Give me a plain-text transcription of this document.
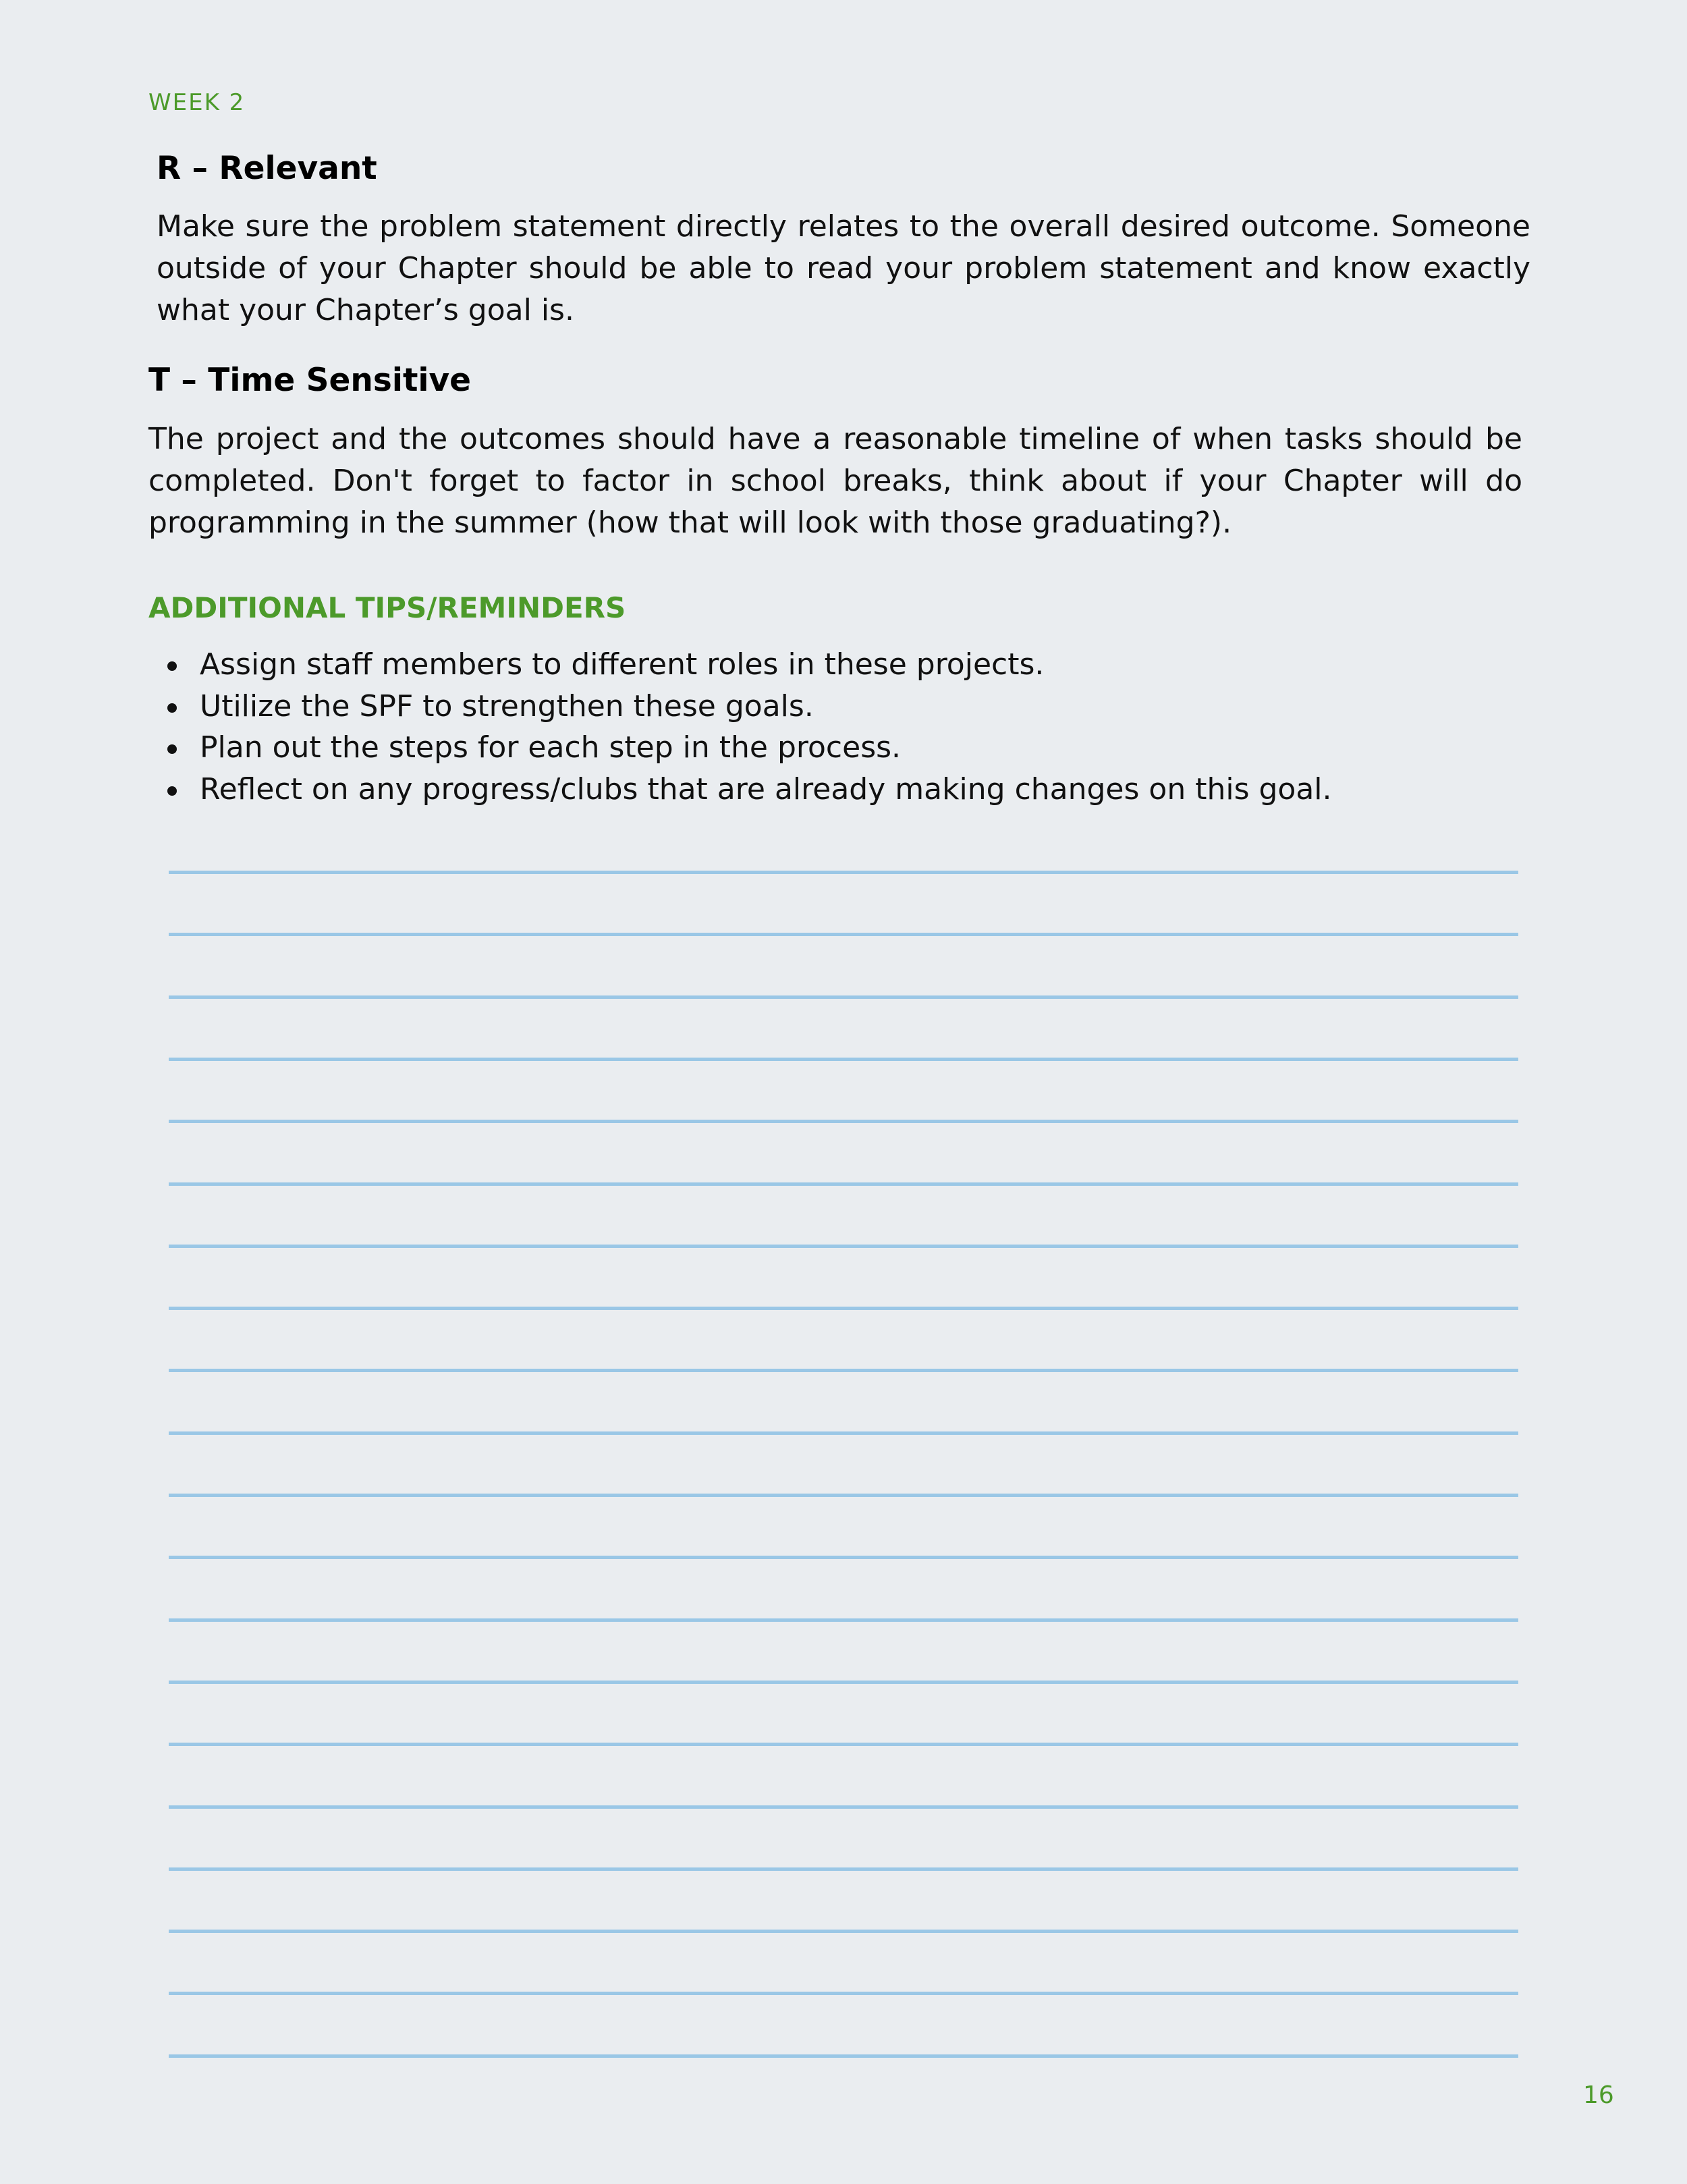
WEEK 2
R – Relevant
Make sure the problem statement directly relates to the overall desired outcome. Someone outside of your Chapter should be able to read your problem statement and know exactly what your Chapter’s goal is.
T – Time Sensitive
The project and the outcomes should have a reasonable timeline of when tasks should be completed. Don't forget to factor in school breaks, think about if your Chapter will do programming in the summer (how that will look with those graduating?).
ADDITIONAL TIPS/REMINDERS
Assign staff members to different roles in these projects.
Utilize the SPF to strengthen these goals.
Plan out the steps for each step in the process.
Reflect on any progress/clubs that are already making changes on this goal.
16
